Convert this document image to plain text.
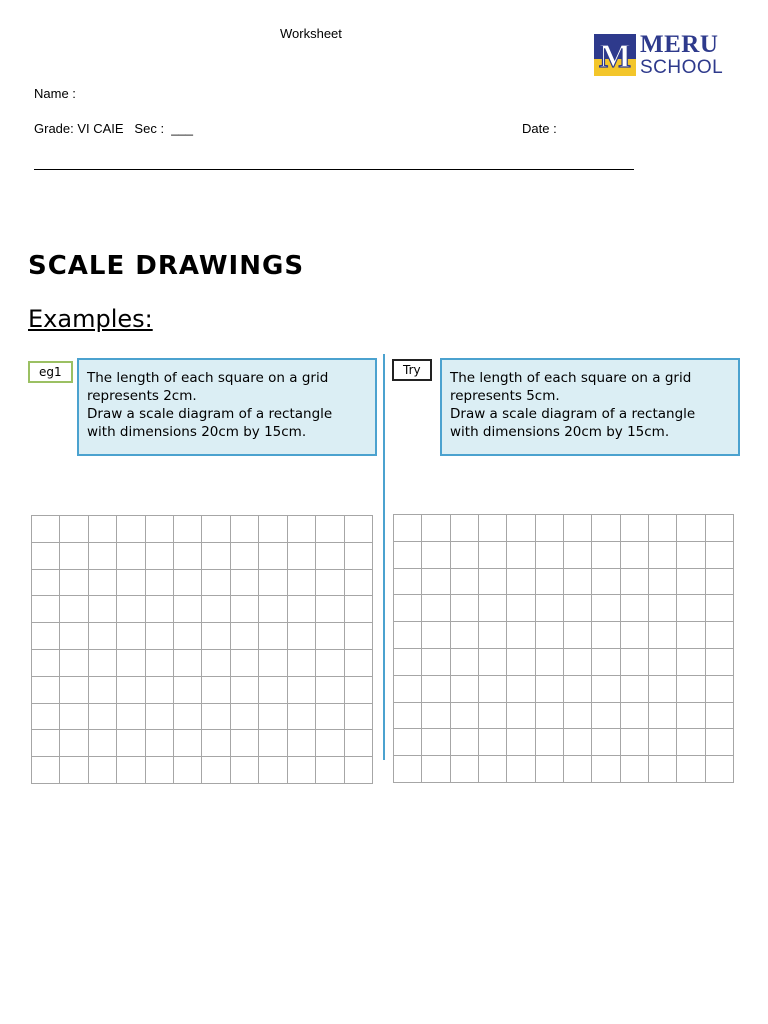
Worksheet
M MERU
SCHOOL
Name :
Grade: VI CAIE   Sec :  ___	Date :
SCALE DRAWINGS
Examples:
eg1	The length of each square on a grid
represents 2cm.
Draw a scale diagram of a rectangle
with dimensions 20cm by 15cm.
Try	The length of each square on a grid
represents 5cm.
Draw a scale diagram of a rectangle
with dimensions 20cm by 15cm.
